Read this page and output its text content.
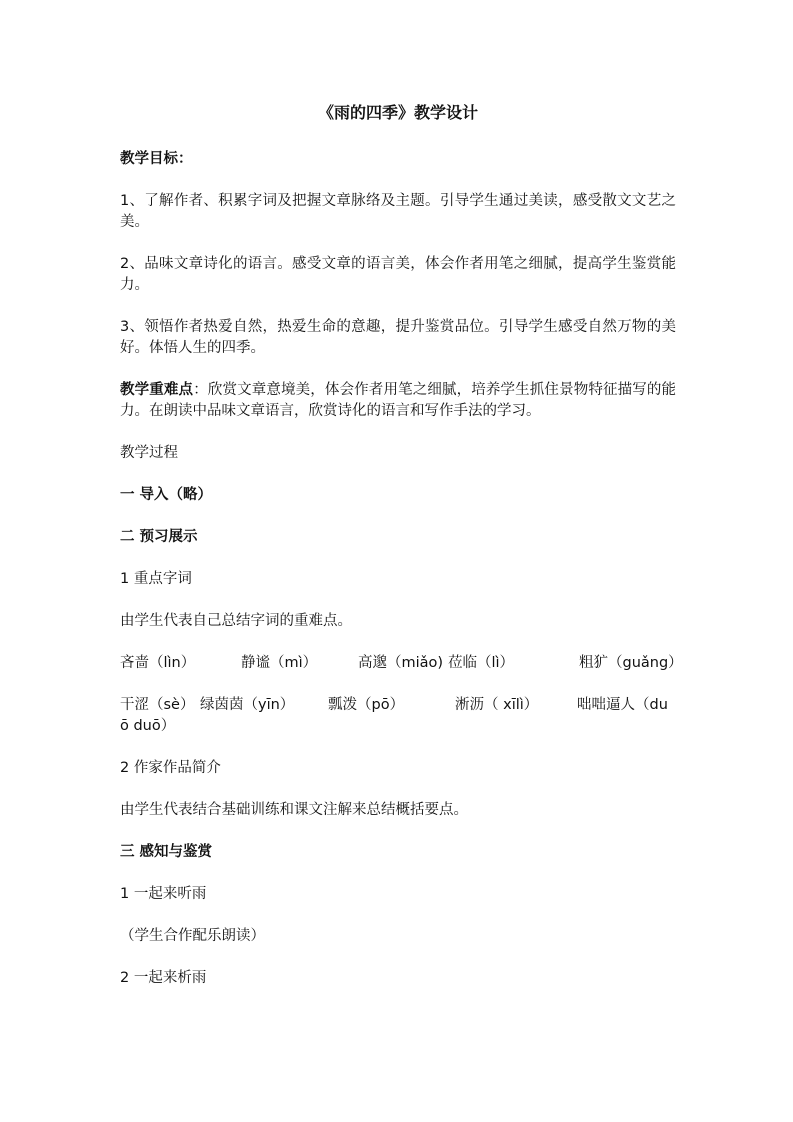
《雨的四季》教学设计
教学目标：
1、了解作者、积累字词及把握文章脉络及主题。引导学生通过美读，感受散文文艺之美。
2、品味文章诗化的语言。感受文章的语言美，体会作者用笔之细腻，提高学生鉴赏能力。
3、领悟作者热爱自然，热爱生命的意趣，提升鉴赏品位。引导学生感受自然万物的美好。体悟人生的四季。
教学重难点：欣赏文章意境美，体会作者用笔之细腻，培养学生抓住景物特征描写的能力。在朗读中品味文章语言，欣赏诗化的语言和写作手法的学习。
教学过程
一 导入（略）
二 预习展示
1 重点字词
由学生代表自己总结字词的重难点。
吝啬（lìn）	静谧（mì）	高邈（miǎo) 莅临（lì）	粗犷（guǎng）
干涩（sè） 绿茵茵（yīn） 瓢泼（pō）	淅沥（ xīlì）	咄咄逼人（du
ō duō）
2 作家作品简介
由学生代表结合基础训练和课文注解来总结概括要点。
三 感知与鉴赏
1 一起来听雨
（学生合作配乐朗读）
2 一起来析雨
